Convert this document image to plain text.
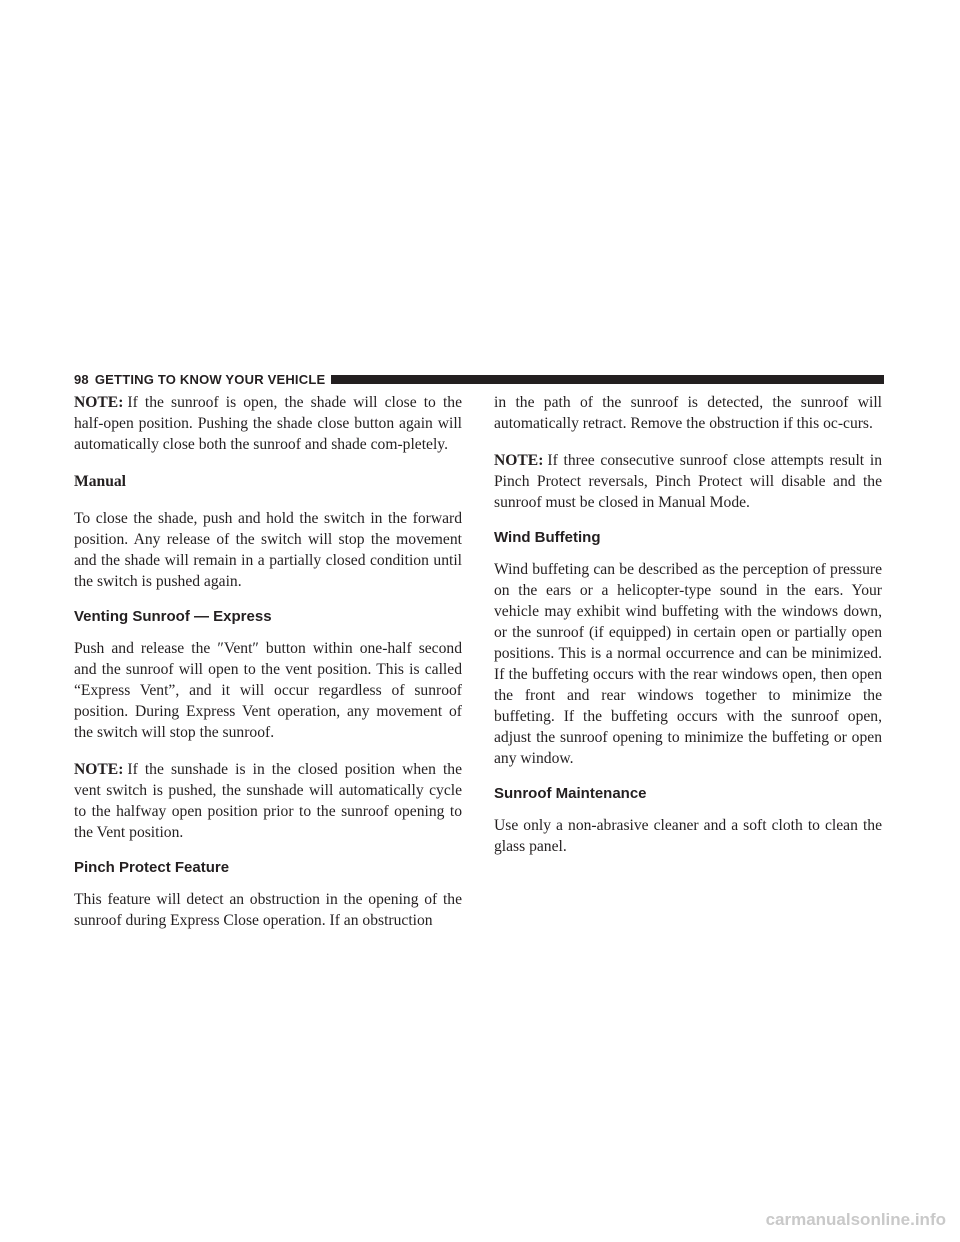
98 GETTING TO KNOW YOUR VEHICLE

NOTE: If the sunroof is open, the shade will close to the half-open position. Pushing the shade close button again will automatically close both the sunroof and shade com-pletely.

Manual

To close the shade, push and hold the switch in the forward position. Any release of the switch will stop the movement and the shade will remain in a partially closed condition until the switch is pushed again.

Venting Sunroof — Express

Push and release the ″Vent″ button within one-half second and the sunroof will open to the vent position. This is called “Express Vent”, and it will occur regardless of sunroof position. During Express Vent operation, any movement of the switch will stop the sunroof.

NOTE: If the sunshade is in the closed position when the vent switch is pushed, the sunshade will automatically cycle to the halfway open position prior to the sunroof opening to the Vent position.

Pinch Protect Feature

This feature will detect an obstruction in the opening of the sunroof during Express Close operation. If an obstruction

in the path of the sunroof is detected, the sunroof will automatically retract. Remove the obstruction if this oc-curs.

NOTE: If three consecutive sunroof close attempts result in Pinch Protect reversals, Pinch Protect will disable and the sunroof must be closed in Manual Mode.

Wind Buffeting

Wind buffeting can be described as the perception of pressure on the ears or a helicopter-type sound in the ears. Your vehicle may exhibit wind buffeting with the windows down, or the sunroof (if equipped) in certain open or partially open positions. This is a normal occurrence and can be minimized. If the buffeting occurs with the rear windows open, then open the front and rear windows together to minimize the buffeting. If the buffeting occurs with the sunroof open, adjust the sunroof opening to minimize the buffeting or open any window.

Sunroof Maintenance

Use only a non-abrasive cleaner and a soft cloth to clean the glass panel.

carmanualsonline.info
